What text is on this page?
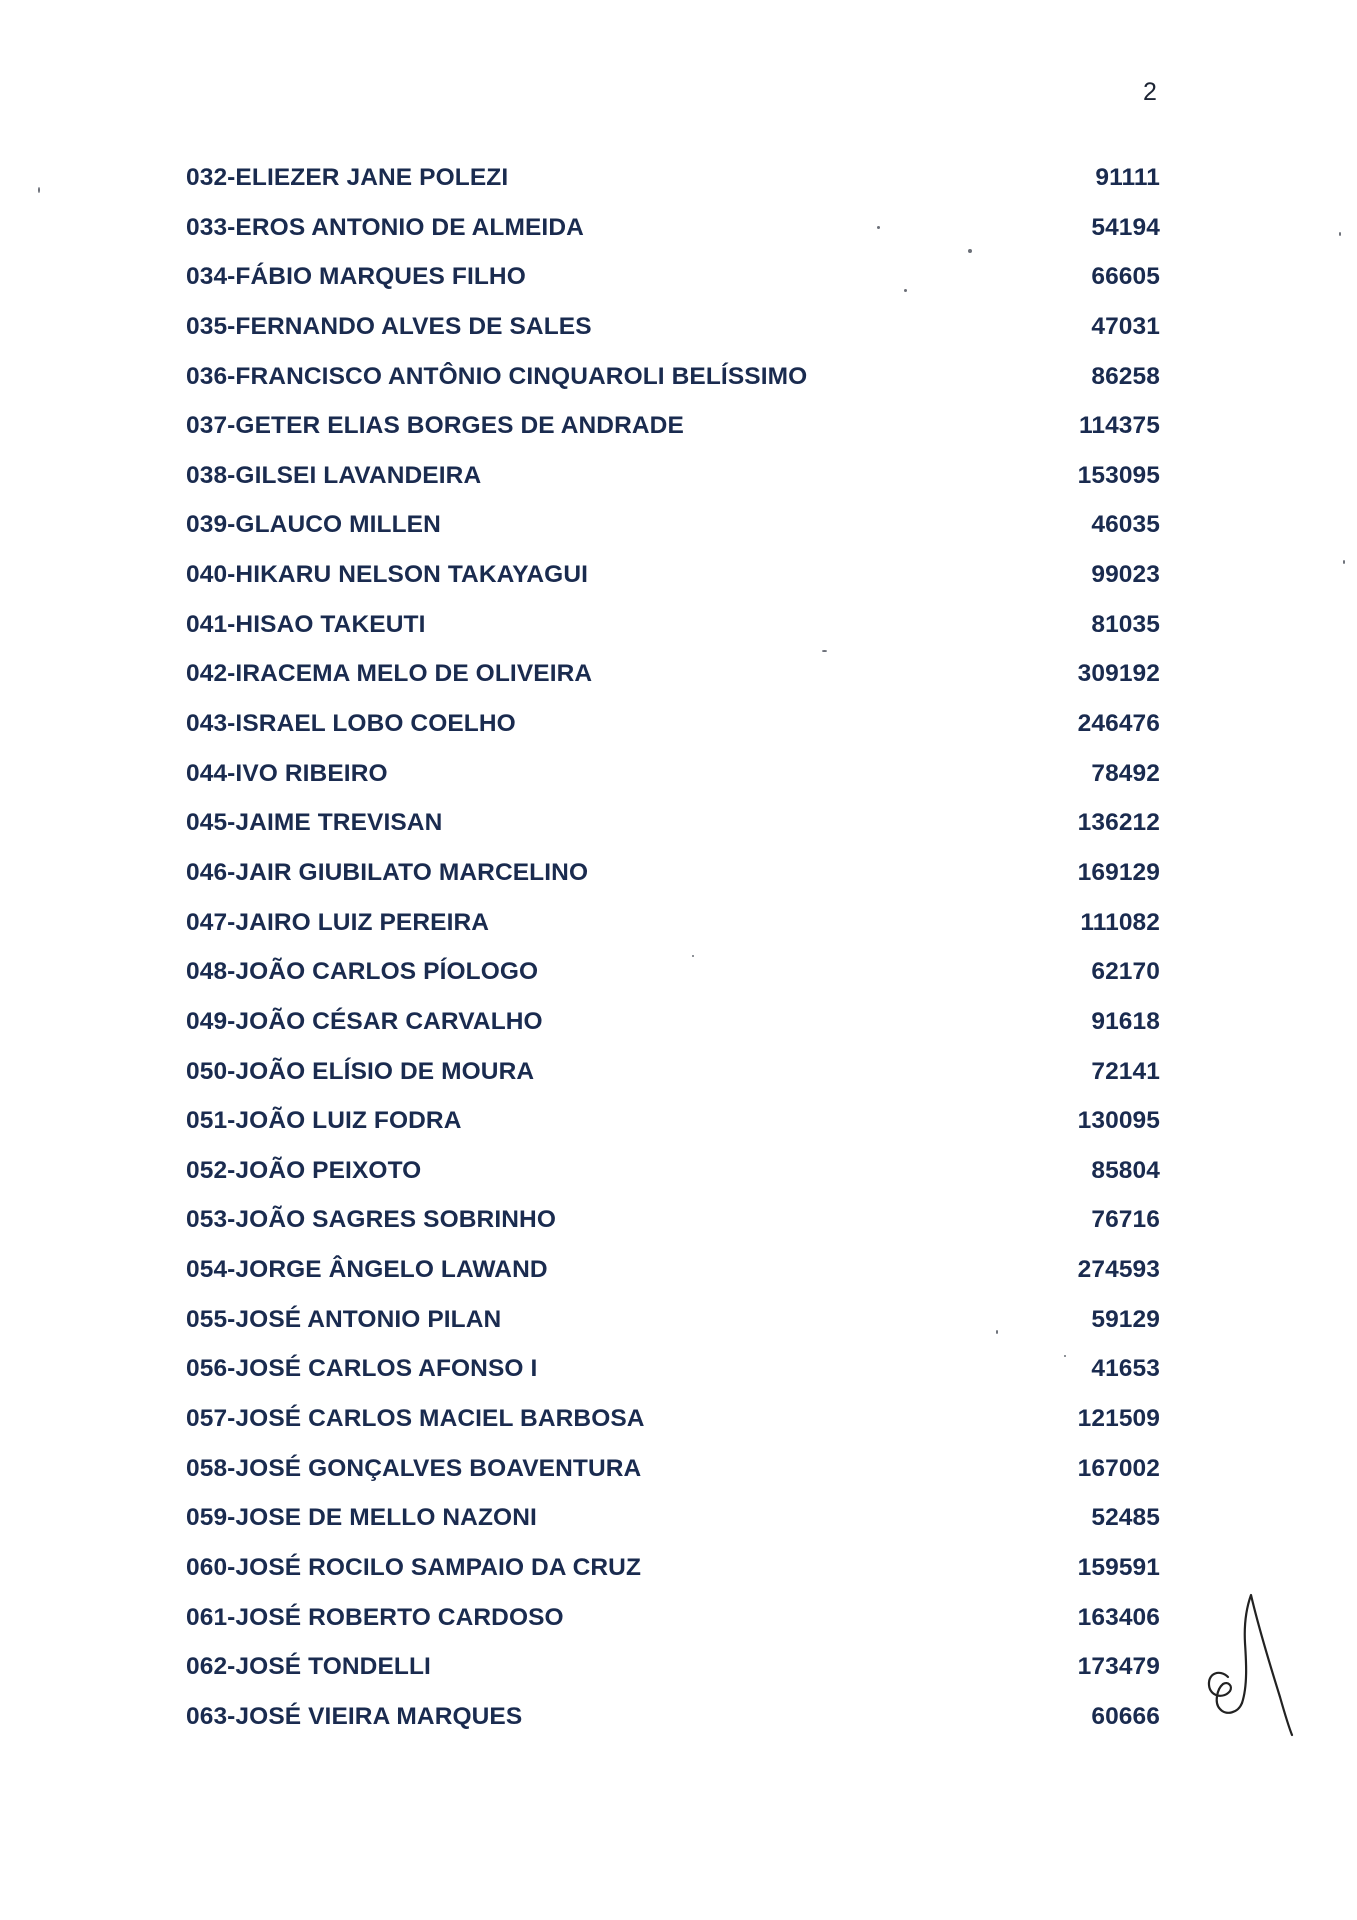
2
032-ELIEZER JANE POLEZI	91111
033-EROS ANTONIO DE ALMEIDA	54194
034-FÁBIO MARQUES FILHO	66605
035-FERNANDO ALVES DE SALES	47031
036-FRANCISCO ANTÔNIO CINQUAROLI BELÍSSIMO	86258
037-GETER ELIAS BORGES DE ANDRADE	114375
038-GILSEI LAVANDEIRA	153095
039-GLAUCO MILLEN	46035
040-HIKARU NELSON TAKAYAGUI	99023
041-HISAO TAKEUTI	81035
042-IRACEMA MELO DE OLIVEIRA	309192
043-ISRAEL LOBO COELHO	246476
044-IVO RIBEIRO	78492
045-JAIME TREVISAN	136212
046-JAIR GIUBILATO MARCELINO	169129
047-JAIRO LUIZ PEREIRA	111082
048-JOÃO CARLOS PÍOLOGO	62170
049-JOÃO CÉSAR CARVALHO	91618
050-JOÃO ELÍSIO DE MOURA	72141
051-JOÃO LUIZ FODRA	130095
052-JOÃO PEIXOTO	85804
053-JOÃO SAGRES SOBRINHO	76716
054-JORGE ÂNGELO LAWAND	274593
055-JOSÉ ANTONIO PILAN	59129
056-JOSÉ CARLOS AFONSO I	41653
057-JOSÉ CARLOS MACIEL BARBOSA	121509
058-JOSÉ GONÇALVES BOAVENTURA	167002
059-JOSE DE MELLO NAZONI	52485
060-JOSÉ ROCILO SAMPAIO DA CRUZ	159591
061-JOSÉ ROBERTO CARDOSO	163406
062-JOSÉ TONDELLI	173479
063-JOSÉ VIEIRA MARQUES	60666
